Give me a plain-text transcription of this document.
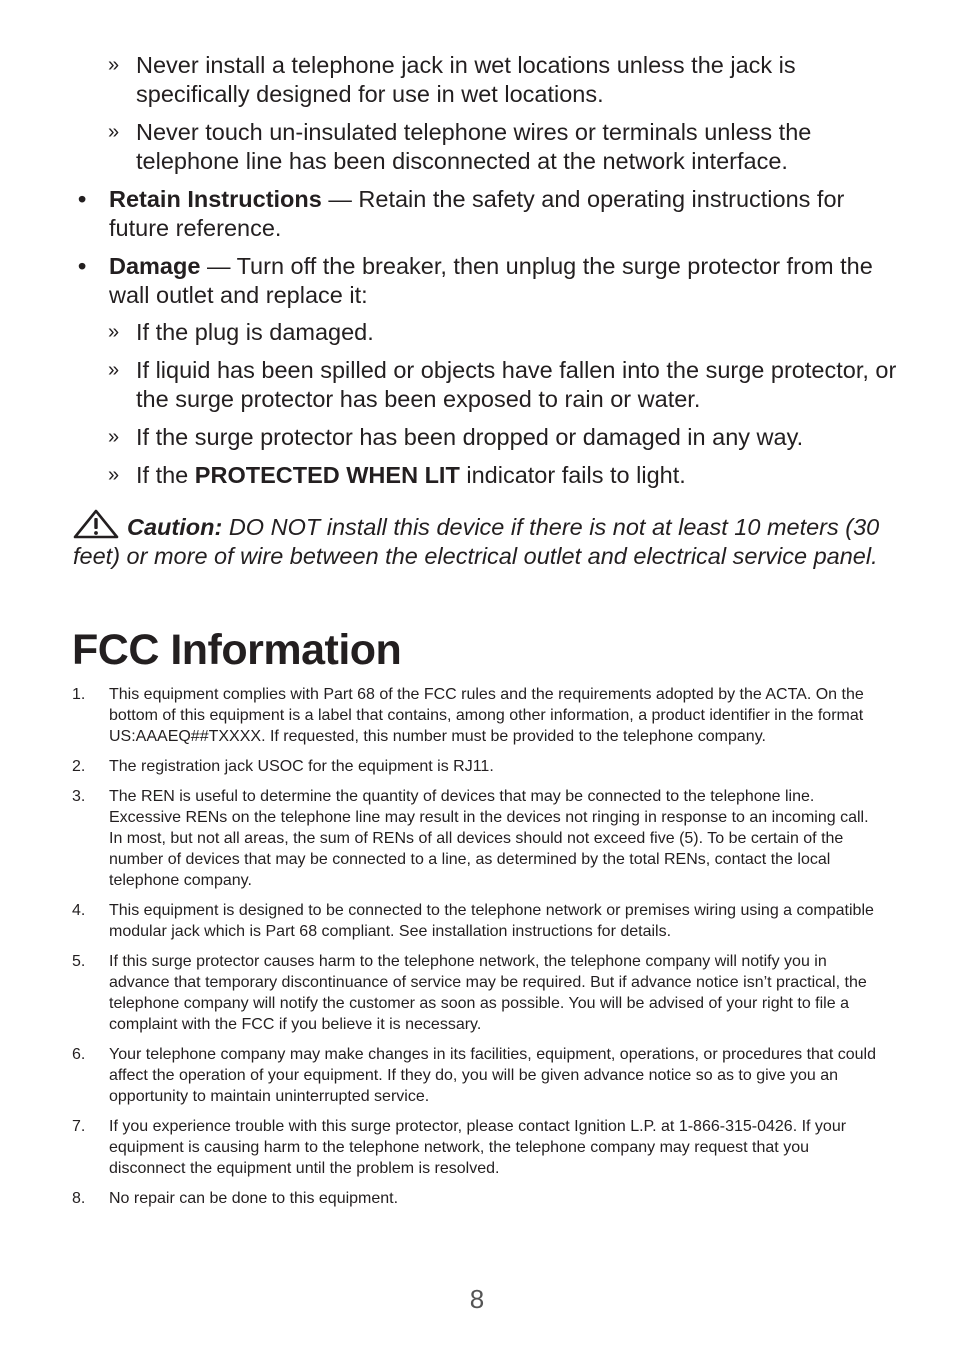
» Never install a telephone jack in wet locations unless the jack is specifically designed for use in wet locations.
» Never touch un-insulated telephone wires or terminals unless the telephone line has been disconnected at the network interface.
• Retain Instructions — Retain the safety and operating instructions for future reference.
• Damage — Turn off the breaker, then unplug the surge protector from the wall outlet and replace it:
» If the plug is damaged.
» If liquid has been spilled or objects have fallen into the surge protector, or the surge protector has been exposed to rain or water.
» If the surge protector has been dropped or damaged in any way.
» If the PROTECTED WHEN LIT indicator fails to light.
Caution: DO NOT install this device if there is not at least 10 meters (30 feet) or more of wire between the electrical outlet and electrical service panel.
FCC Information
1. This equipment complies with Part 68 of the FCC rules and the requirements adopted by the ACTA. On the bottom of this equipment is a label that contains, among other information, a product identifier in the format US:AAAEQ##TXXXX. If requested, this number must be provided to the telephone company.
2. The registration jack USOC for the equipment is RJ11.
3. The REN is useful to determine the quantity of devices that may be connected to the telephone line. Excessive RENs on the telephone line may result in the devices not ringing in response to an incoming call. In most, but not all areas, the sum of RENs of all devices should not exceed five (5). To be certain of the number of devices that may be connected to a line, as determined by the total RENs, contact the local telephone company.
4. This equipment is designed to be connected to the telephone network or premises wiring using a compatible modular jack which is Part 68 compliant. See installation instructions for details.
5. If this surge protector causes harm to the telephone network, the telephone company will notify you in advance that temporary discontinuance of service may be required. But if advance notice isn’t practical, the telephone company will notify the customer as soon as possible. You will be advised of your right to file a complaint with the FCC if you believe it is necessary.
6. Your telephone company may make changes in its facilities, equipment, operations, or procedures that could affect the operation of your equipment. If they do, you will be given advance notice so as to give you an opportunity to maintain uninterrupted service.
7. If you experience trouble with this surge protector, please contact Ignition L.P. at 1-866-315-0426. If your equipment is causing harm to the telephone network, the telephone company may request that you disconnect the equipment until the problem is resolved.
8. No repair can be done to this equipment.
8
